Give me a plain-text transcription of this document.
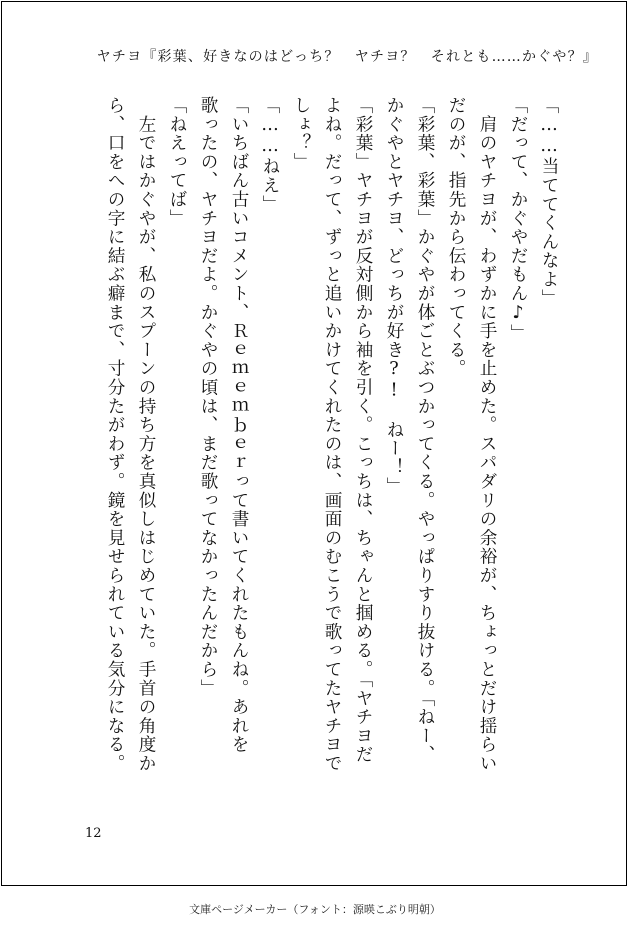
ヤチヨ『彩葉、好きなのはどっち？　ヤチヨ？　それとも……かぐや？』
「……当ててくんなよ」
「だって、かぐやだもん♪」
　肩のヤチヨが、わずかに手を止めた。スパダリの余裕が、ちょっとだけ揺らい
だのが、指先から伝わってくる。
「彩葉、彩葉」かぐやが体ごとぶつかってくる。やっぱりすり抜ける。「ねー、
かぐやとヤチヨ、どっちが好き?!　ねー！」
「彩葉」ヤチヨが反対側から袖を引く。こっちは、ちゃんと掴める。「ヤチヨだ
よね。だって、ずっと追いかけてくれたのは、画面のむこうで歌ってたヤチヨで
しょ？」
「……ねえ」
「いちばん古いコメント、Ｒｅｍｅｍｂｅｒって書いてくれたもんね。あれを
歌ったの、ヤチヨだよ。かぐやの頃は、まだ歌ってなかったんだから」
「ねえってば」
　左ではかぐやが、私のスプーンの持ち方を真似しはじめていた。手首の角度か
ら、口をへの字に結ぶ癖まで、寸分たがわず。鏡を見せられている気分になる。
12
文庫ページメーカー（フォント：源暎こぶり明朝）
